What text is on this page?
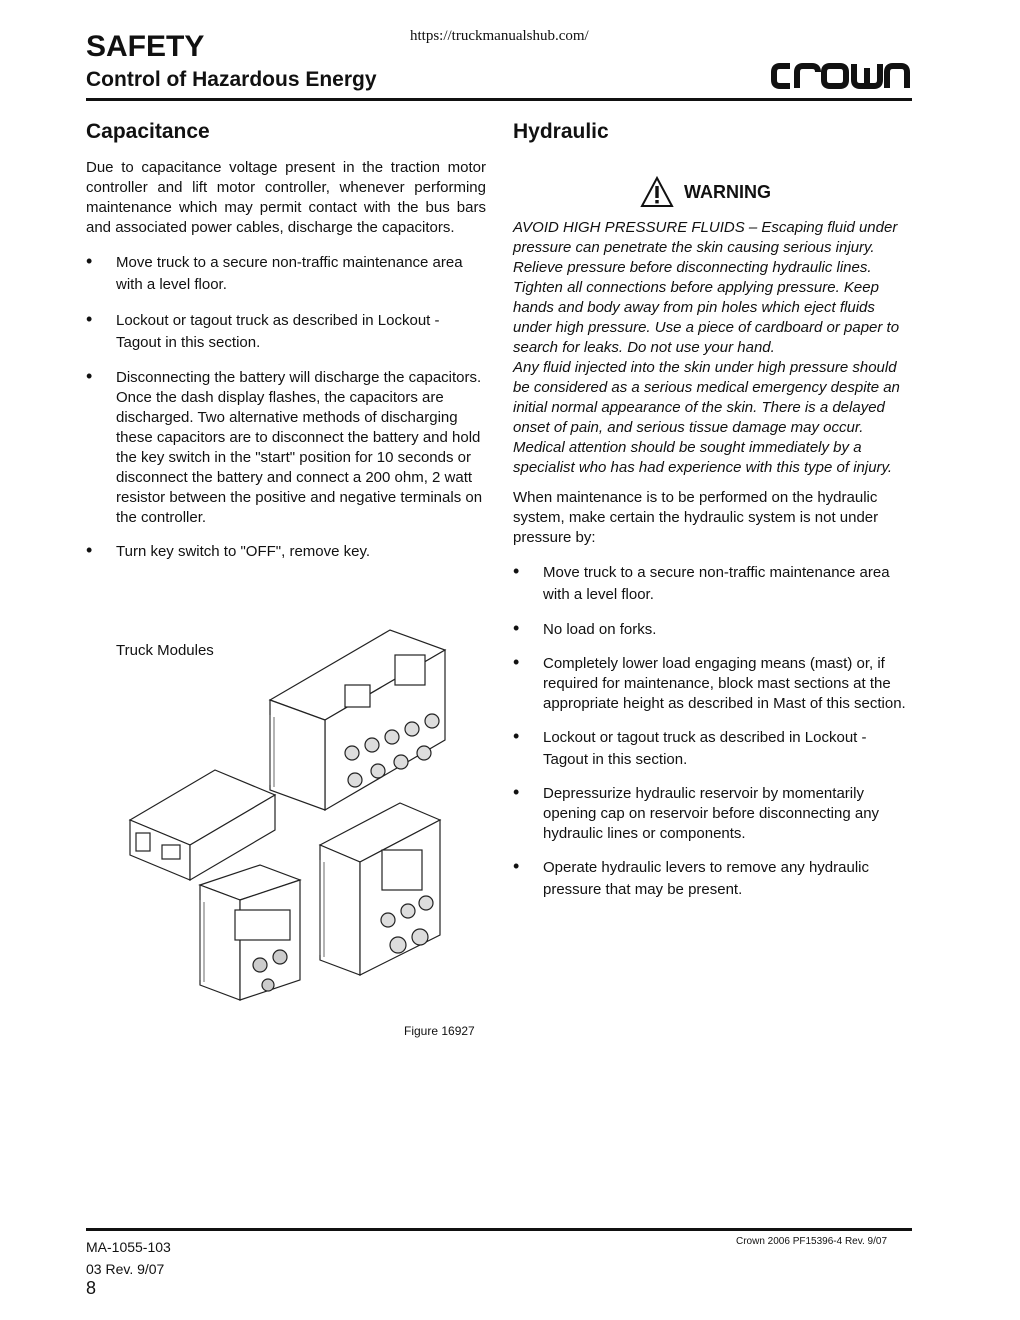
https://truckmanualshub.com/
SAFETY
Control of Hazardous Energy
Capacitance

Due to capacitance voltage present in the traction motor controller and lift motor controller, whenever performing maintenance which may permit contact with the bus bars and associated power cables, discharge the capacitors.

• Move truck to a secure non-traffic maintenance area with a level floor.
• Lockout or tagout truck as described in Lockout - Tagout in this section.
• Disconnecting the battery will discharge the capacitors. Once the dash display flashes, the capacitors are discharged. Two alternative methods of discharging these capacitors are to disconnect the battery and hold the key switch in the "start" position for 10 seconds or disconnect the battery and connect a 200 ohm, 2 watt resistor between the positive and negative terminals on the controller.
• Turn key switch to "OFF", remove key.
Truck Modules
Figure 16927
Hydraulic
WARNING

AVOID HIGH PRESSURE FLUIDS – Escaping fluid under pressure can penetrate the skin causing serious injury. Relieve pressure before disconnecting hydraulic lines. Tighten all connections before applying pressure. Keep hands and body away from pin holes which eject fluids under high pressure. Use a piece of cardboard or paper to search for leaks. Do not use your hand.

Any fluid injected into the skin under high pressure should be considered as a serious medical emergency despite an initial normal appearance of the skin. There is a delayed onset of pain, and serious tissue damage may occur. Medical attention should be sought immediately by a specialist who has had experience with this type of injury.

When maintenance is to be performed on the hydraulic system, make certain the hydraulic system is not under pressure by:

• Move truck to a secure non-traffic maintenance area with a level floor.
• No load on forks.
• Completely lower load engaging means (mast) or, if required for maintenance, block mast sections at the appropriate height as described in Mast of this section.
• Lockout or tagout truck as described in Lockout - Tagout in this section.
• Depressurize hydraulic reservoir by momentarily opening cap on reservoir before disconnecting any hydraulic lines or components.
• Operate hydraulic levers to remove any hydraulic pressure that may be present.
MA-1055-103
03 Rev. 9/07
8
Crown 2006 PF15396-4 Rev. 9/07
